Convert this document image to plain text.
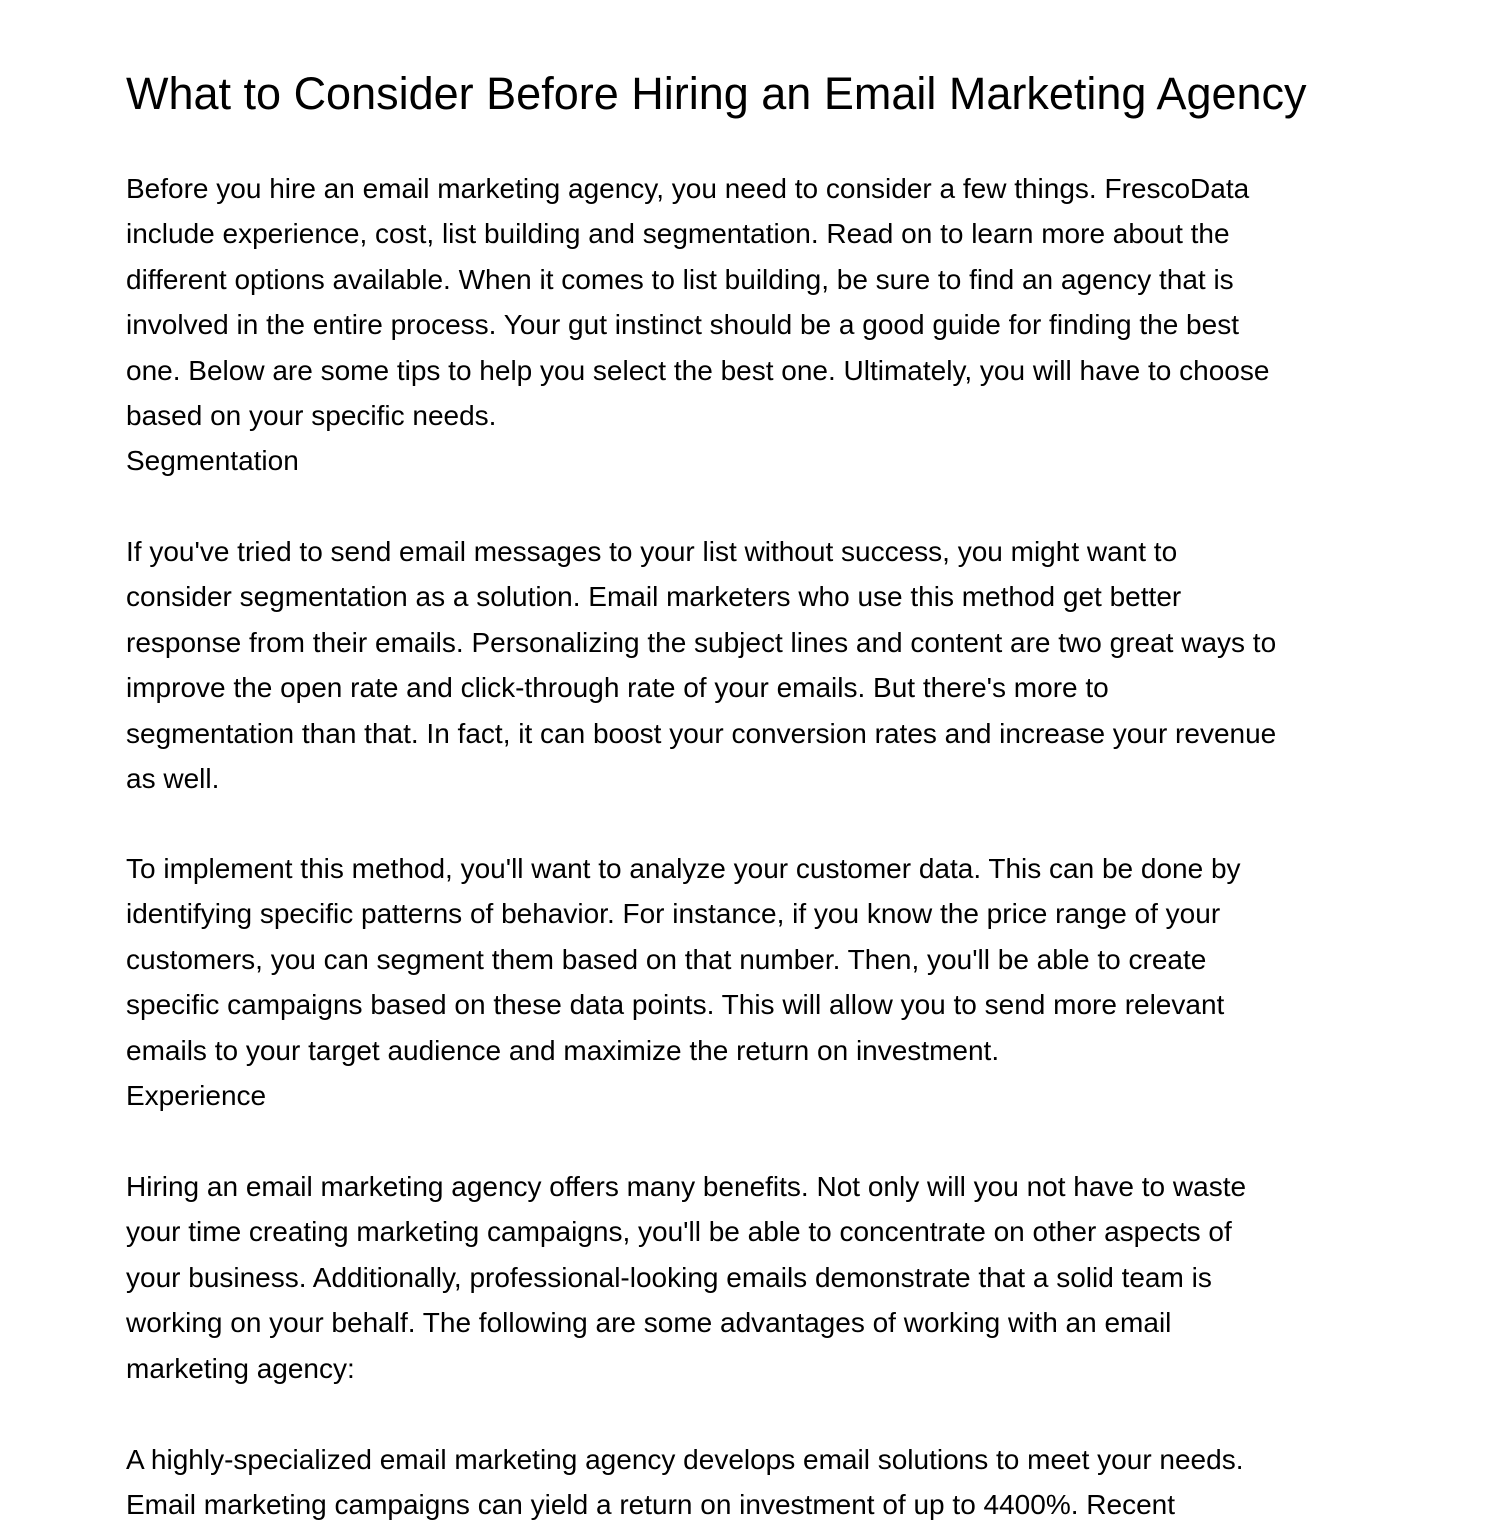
What to Consider Before Hiring an Email Marketing Agency
Before you hire an email marketing agency, you need to consider a few things. FrescoData
include experience, cost, list building and segmentation. Read on to learn more about the
different options available. When it comes to list building, be sure to find an agency that is
involved in the entire process. Your gut instinct should be a good guide for finding the best
one. Below are some tips to help you select the best one. Ultimately, you will have to choose
based on your specific needs.
Segmentation
If you've tried to send email messages to your list without success, you might want to
consider segmentation as a solution. Email marketers who use this method get better
response from their emails. Personalizing the subject lines and content are two great ways to
improve the open rate and click-through rate of your emails. But there's more to
segmentation than that. In fact, it can boost your conversion rates and increase your revenue
as well.
To implement this method, you'll want to analyze your customer data. This can be done by
identifying specific patterns of behavior. For instance, if you know the price range of your
customers, you can segment them based on that number. Then, you'll be able to create
specific campaigns based on these data points. This will allow you to send more relevant
emails to your target audience and maximize the return on investment.
Experience
Hiring an email marketing agency offers many benefits. Not only will you not have to waste
your time creating marketing campaigns, you'll be able to concentrate on other aspects of
your business. Additionally, professional-looking emails demonstrate that a solid team is
working on your behalf. The following are some advantages of working with an email
marketing agency:
A highly-specialized email marketing agency develops email solutions to meet your needs.
Email marketing campaigns can yield a return on investment of up to 4400%. Recent
